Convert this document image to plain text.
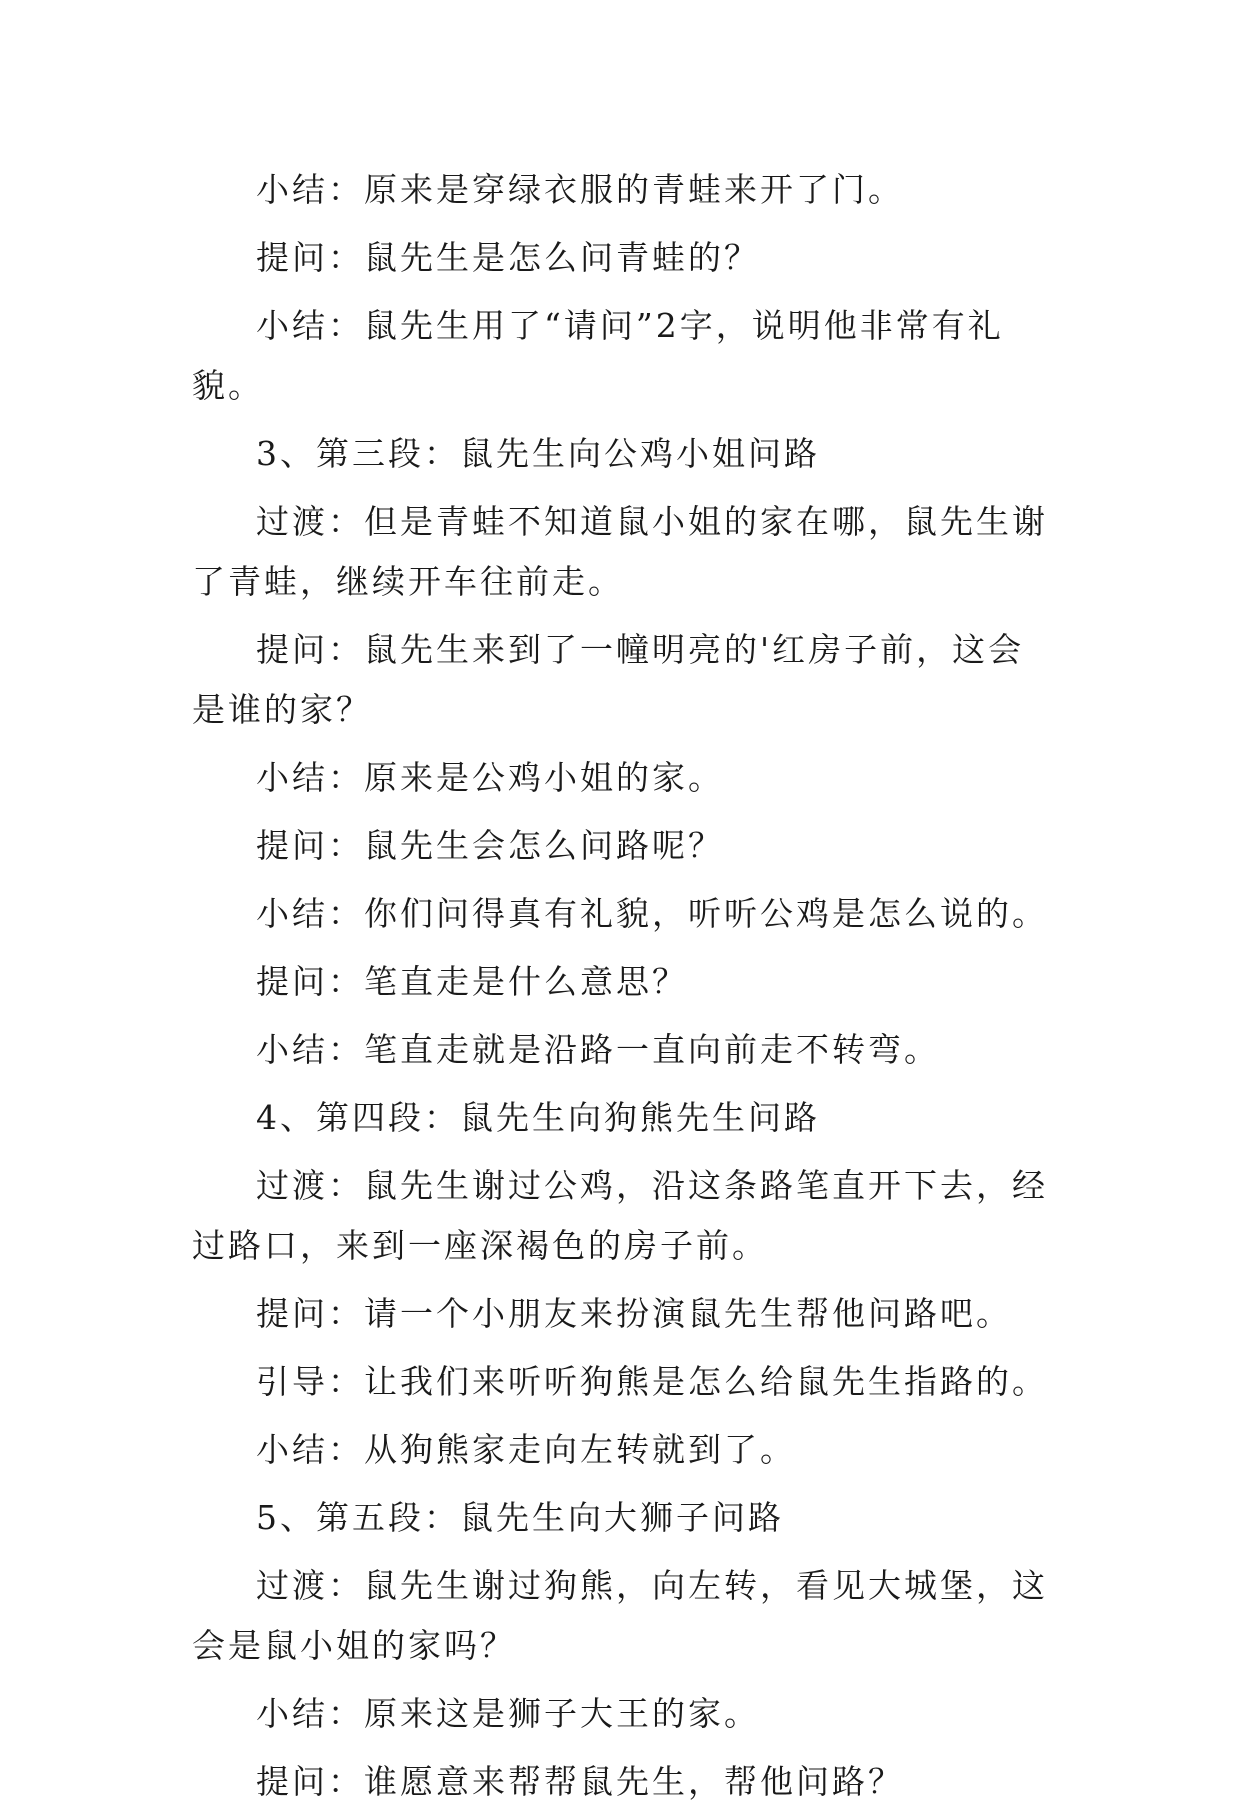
小结：原来是穿绿衣服的青蛙来开了门。

提问：鼠先生是怎么问青蛙的？

小结：鼠先生用了“请问”2字，说明他非常有礼貌。

3、第三段：鼠先生向公鸡小姐问路

过渡：但是青蛙不知道鼠小姐的家在哪，鼠先生谢了青蛙，继续开车往前走。

提问：鼠先生来到了一幢明亮的'红房子前，这会是谁的家？

小结：原来是公鸡小姐的家。

提问：鼠先生会怎么问路呢？

小结：你们问得真有礼貌，听听公鸡是怎么说的。

提问：笔直走是什么意思？

小结：笔直走就是沿路一直向前走不转弯。

4、第四段：鼠先生向狗熊先生问路

过渡：鼠先生谢过公鸡，沿这条路笔直开下去，经过路口，来到一座深褐色的房子前。

提问：请一个小朋友来扮演鼠先生帮他问路吧。

引导：让我们来听听狗熊是怎么给鼠先生指路的。

小结：从狗熊家走向左转就到了。

5、第五段：鼠先生向大狮子问路

过渡：鼠先生谢过狗熊，向左转，看见大城堡，这会是鼠小姐的家吗？

小结：原来这是狮子大王的家。

提问：谁愿意来帮帮鼠先生，帮他问路？
